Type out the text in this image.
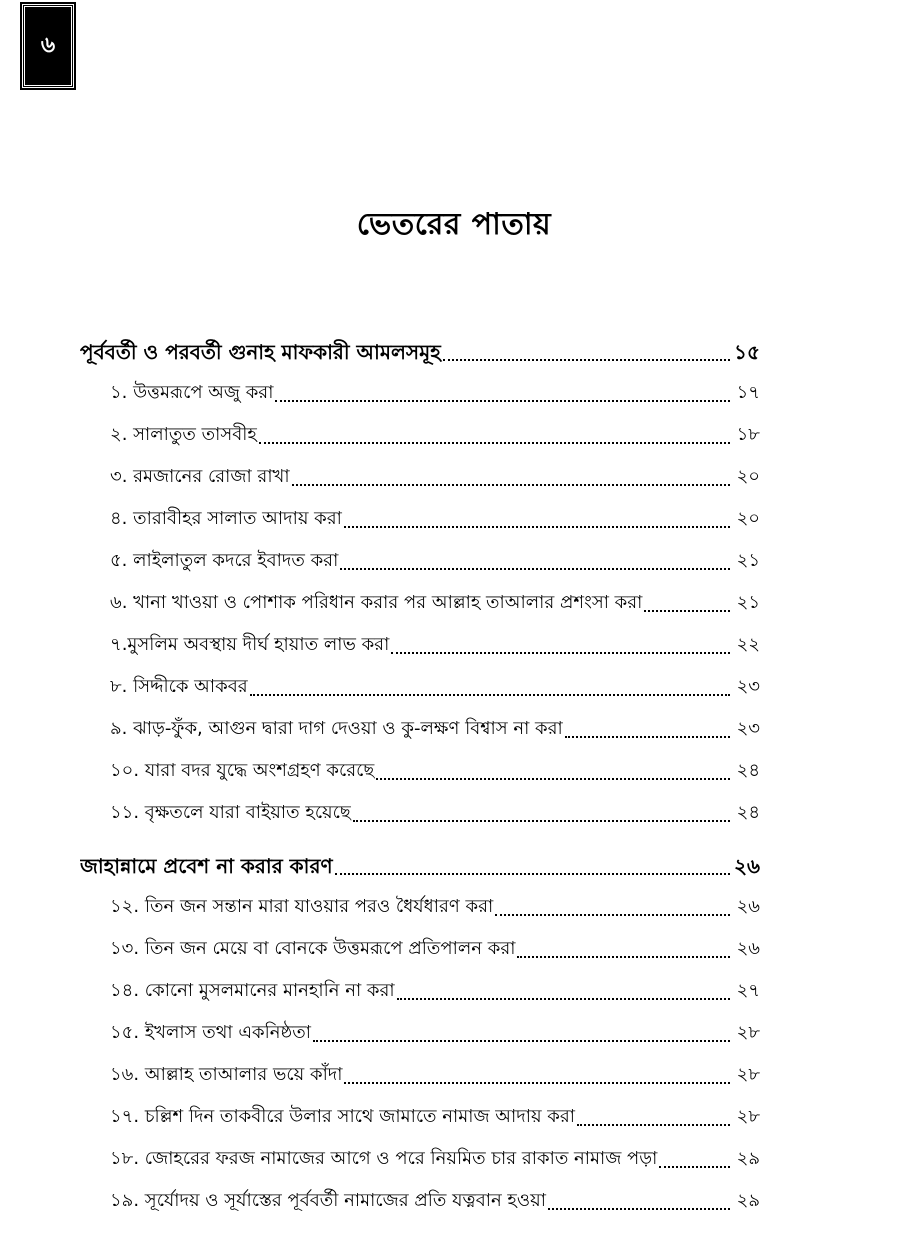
৬
ভেতরের পাতায়
পূর্ববর্তী ও পরবর্তী গুনাহ মাফকারী আমলসমূহ	১৫
১. উত্তমরূপে অজু করা	১৭
২. সালাতুত তাসবীহ	১৮
৩. রমজানের রোজা রাখা	২০
৪. তারাবীহর সালাত আদায় করা	২০
৫. লাইলাতুল কদরে ইবাদত করা	২১
৬. খানা খাওয়া ও পোশাক পরিধান করার পর আল্লাহ তাআলার প্রশংসা করা	২১
৭.মুসলিম অবস্থায় দীর্ঘ হায়াত লাভ করা	২২
৮. সিদ্দীকে আকবর	২৩
৯. ঝাড়-ফুঁক, আগুন দ্বারা দাগ দেওয়া ও কু-লক্ষণ বিশ্বাস না করা	২৩
১০. যারা বদর যুদ্ধে অংশগ্রহণ করেছে	২৪
১১. বৃক্ষতলে যারা বাইয়াত হয়েছে	২৪
জাহান্নামে প্রবেশ না করার কারণ	২৬
১২. তিন জন সন্তান মারা যাওয়ার পরও ধৈর্যধারণ করা	২৬
১৩. তিন জন মেয়ে বা বোনকে উত্তমরূপে প্রতিপালন করা	২৬
১৪. কোনো মুসলমানের মানহানি না করা	২৭
১৫. ইখলাস তথা একনিষ্ঠতা	২৮
১৬. আল্লাহ তাআলার ভয়ে কাঁদা	২৮
১৭. চল্লিশ দিন তাকবীরে উলার সাথে জামাতে নামাজ আদায় করা	২৮
১৮. জোহরের ফরজ নামাজের আগে ও পরে নিয়মিত চার রাকাত নামাজ পড়া	২৯
১৯. সূর্যোদয় ও সূর্যাস্তের পূর্ববর্তী নামাজের প্রতি যত্নবান হওয়া	২৯
